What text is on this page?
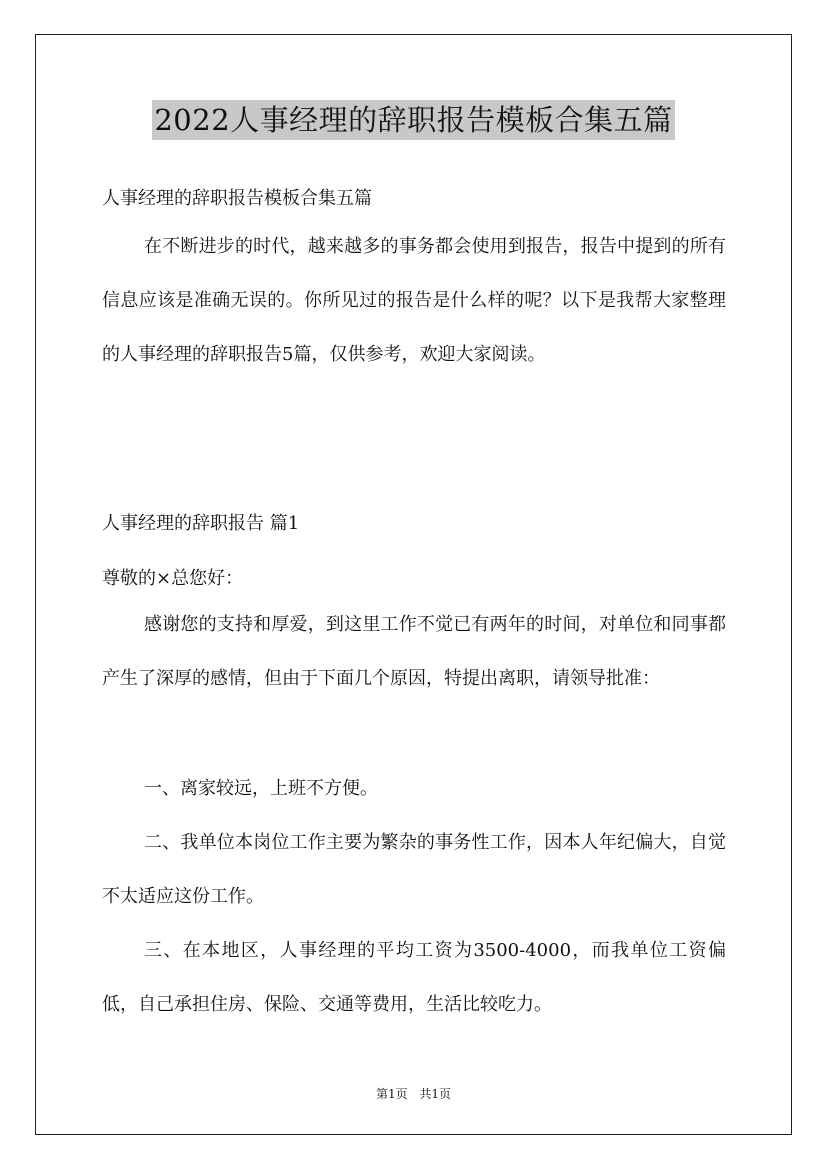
2022人事经理的辞职报告模板合集五篇
人事经理的辞职报告模板合集五篇
在不断进步的时代，越来越多的事务都会使用到报告，报告中提到的所有信息应该是准确无误的。你所见过的报告是什么样的呢？以下是我帮大家整理的人事经理的辞职报告5篇，仅供参考，欢迎大家阅读。
人事经理的辞职报告 篇1
尊敬的×总您好：
感谢您的支持和厚爱，到这里工作不觉已有两年的时间，对单位和同事都产生了深厚的感情，但由于下面几个原因，特提出离职，请领导批准：
一、离家较远，上班不方便。
二、我单位本岗位工作主要为繁杂的事务性工作，因本人年纪偏大，自觉不太适应这份工作。
三、在本地区，人事经理的平均工资为3500-4000，而我单位工资偏低，自己承担住房、保险、交通等费用，生活比较吃力。
第1页 共1页
